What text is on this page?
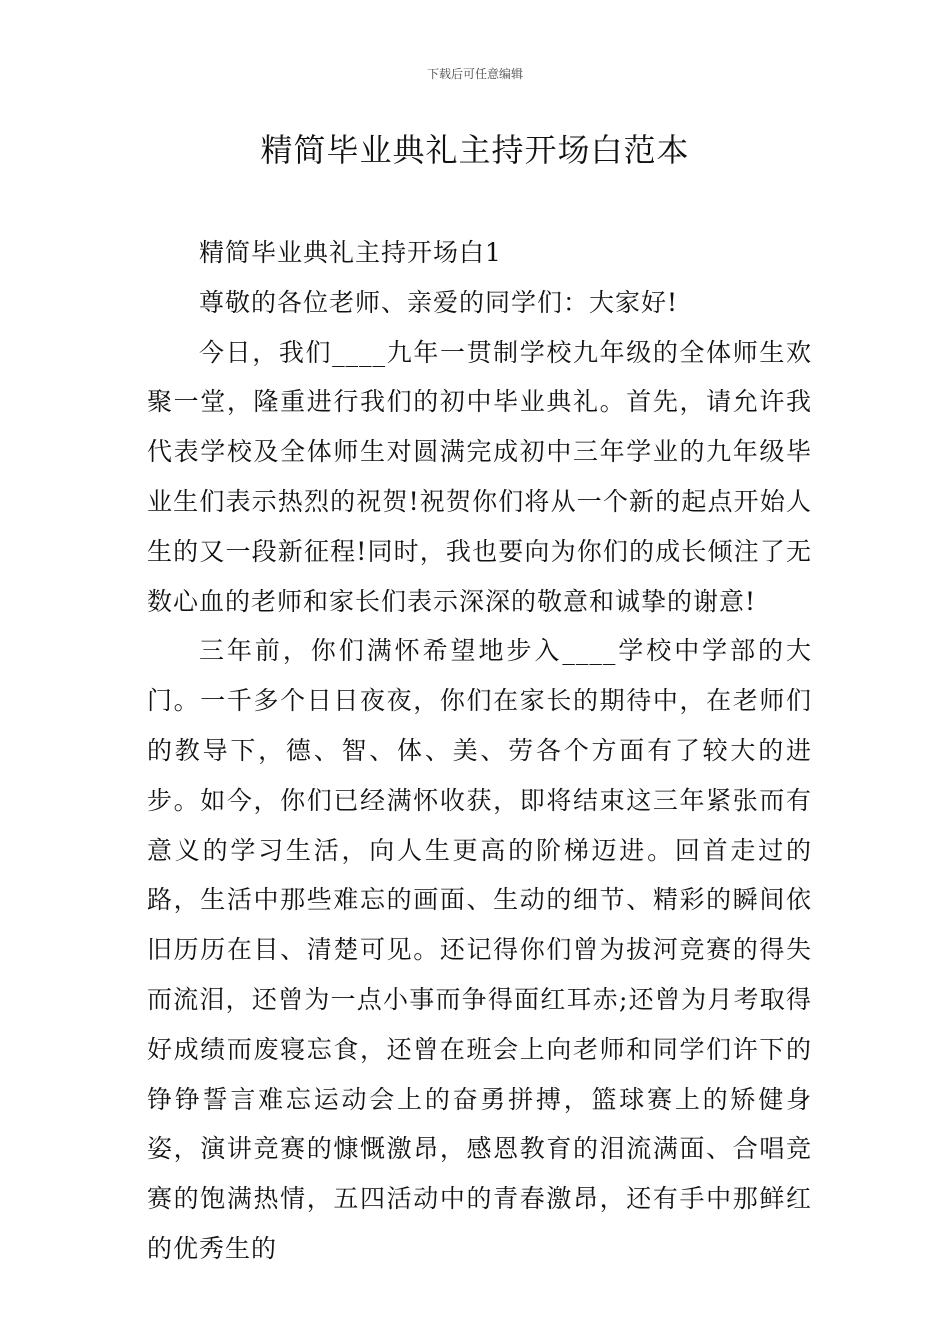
下载后可任意编辑
精简毕业典礼主持开场白范本

精简毕业典礼主持开场白1

尊敬的各位老师、亲爱的同学们：大家好!

今日，我们____九年一贯制学校九年级的全体师生欢聚一堂，隆重进行我们的初中毕业典礼。首先，请允许我代表学校及全体师生对圆满完成初中三年学业的九年级毕业生们表示热烈的祝贺!祝贺你们将从一个新的起点开始人生的又一段新征程!同时，我也要向为你们的成长倾注了无数心血的老师和家长们表示深深的敬意和诚挚的谢意!

三年前，你们满怀希望地步入____学校中学部的大门。一千多个日日夜夜，你们在家长的期待中，在老师们的教导下，德、智、体、美、劳各个方面有了较大的进步。如今，你们已经满怀收获，即将结束这三年紧张而有意义的学习生活，向人生更高的阶梯迈进。回首走过的路，生活中那些难忘的画面、生动的细节、精彩的瞬间依旧历历在目、清楚可见。还记得你们曾为拔河竞赛的得失而流泪，还曾为一点小事而争得面红耳赤;还曾为月考取得好成绩而废寝忘食，还曾在班会上向老师和同学们许下的铮铮誓言难忘运动会上的奋勇拼搏，篮球赛上的矫健身姿，演讲竞赛的慷慨激昂，感恩教育的泪流满面、合唱竞赛的饱满热情，五四活动中的青春激昂，还有手中那鲜红的优秀生的
